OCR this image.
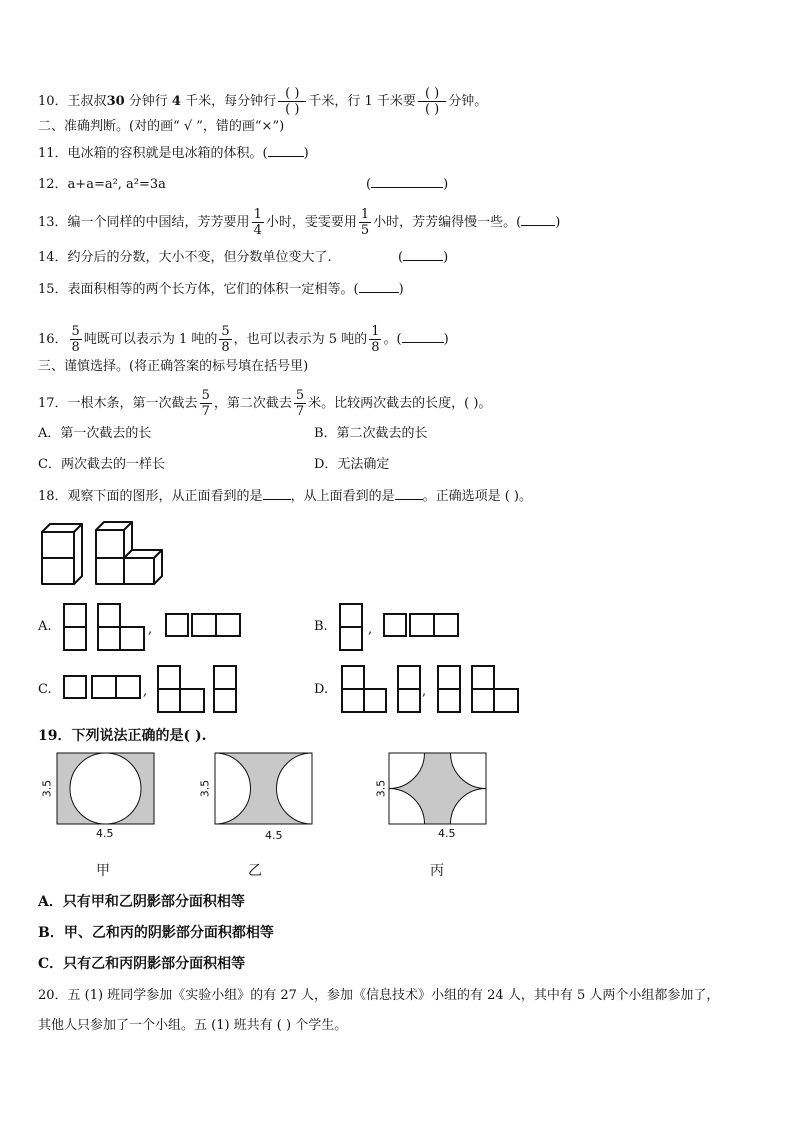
10．王叔叔30 分钟行 4 千米，每分钟行 $\frac{( )}{( )}$ 千米，行 1 千米要 $\frac{( )}{( )}$ 分钟。
二、准确判断。(对的画“ √ ”，错的画“×”)
11．电冰箱的容积就是电冰箱的体积。(	)
12．a+a=a², a²=3a	(	)
13．编一个同样的中国结，芳芳要用 $\frac{1}{4}$ 小时，雯雯要用 $\frac{1}{5}$ 小时，芳芳编得慢一些。(	)
14．约分后的分数，大小不变，但分数单位变大了.	(	)
15．表面积相等的两个长方体，它们的体积一定相等。(	)
16． $\frac{5}{8}$ 吨既可以表示为 1 吨的 $\frac{5}{8}$ ，也可以表示为 5 吨的 $\frac{1}{8}$ 。(	)
三、谨慎选择。(将正确答案的标号填在括号里)
17．一根木条，第一次截去 $\frac{5}{7}$ ，第二次截去 $\frac{5}{7}$ 米。比较两次截去的长度，( )。
A．第一次截去的长	B．第二次截去的长
C．两次截去的一样长	D．无法确定
18．观察下面的图形，从正面看到的是 ，从上面看到的是 。正确选项是 ( )。
A.	,	B.	,
C.	,	D.	,
19．下列说法正确的是( ).
3.5
4.5
甲
3.5
4.5
乙
3.5
4.5
丙
A．只有甲和乙阴影部分面积相等
B．甲、乙和丙的阴影部分面积都相等
C．只有乙和丙阴影部分面积相等
20．五 (1) 班同学参加《实验小组》的有 27 人，参加《信息技术》小组的有 24 人，其中有 5 人两个小组都参加了，
其他人只参加了一个小组。五 (1) 班共有 ( ) 个学生。
